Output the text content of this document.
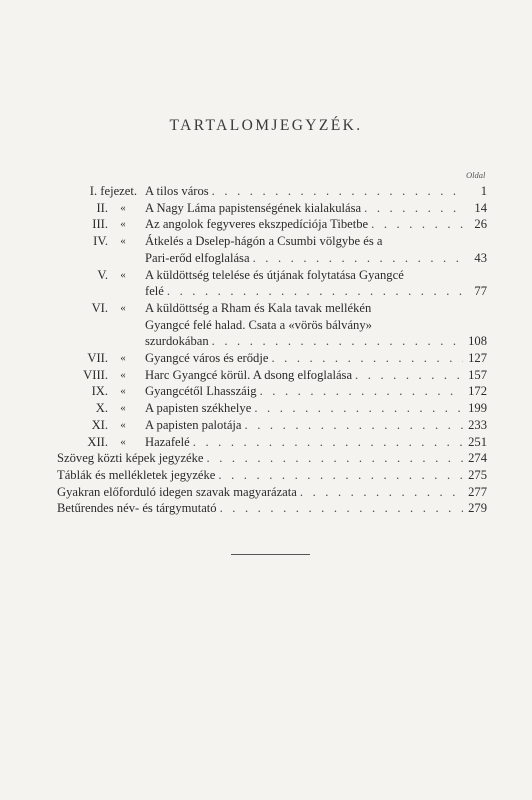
TARTALOMJEGYZÉK.
Oldal
I. fejezet. A tilos város . . .	1
II.	«	A Nagy Láma papistenségének kialakulása . . .	14
III.	«	Az angolok fegyveres ekszpedíciója Tibetbe . . .	26
IV.	«	Átkelés a Dselep-hágón a Csumbi völgybe és a
Pari-erőd elfoglalása . . .	43
V.	«	A küldöttség telelése és útjának folytatása Gyangcé
felé . . .	77
VI.	«	A küldöttség a Rham és Kala tavak mellékén
Gyangcé felé halad. Csata a «vörös bálvány»
szurdokában . . .	108
VII.	«	Gyangcé város és erődje . . .	127
VIII.	«	Harc Gyangcé körül. A dsong elfoglalása . . .	157
IX.	«	Gyangcétől Lhasszáig . . .	172
X.	«	A papisten székhelye . . .	199
XI.	«	A papisten palotája . . .	233
XII.	«	Hazafelé . . .	251
Szöveg közti képek jegyzéke . . .	274
Táblák és mellékletek jegyzéke . . .	275
Gyakran előforduló idegen szavak magyarázata . . .	277
Betűrendes név- és tárgymutató . . .	279
